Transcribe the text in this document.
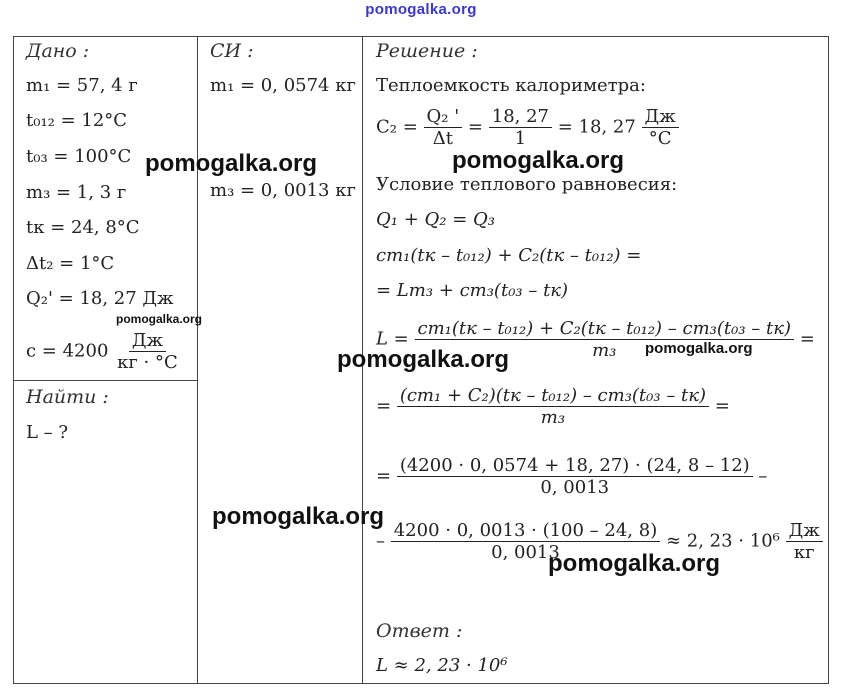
pomogalka.org
Дано :
m₁ = 57, 4 г
t₀₁₂ = 12°C
t₀₃ = 100°C
m₃ = 1, 3 г
tк = 24, 8°C
Δt₂ = 1°C
Q₂' = 18, 27 Дж
$c = 4200 \frac{Дж}{кг \cdot ^\circ C}$
Найти :
L – ?
СИ :
m₁ = 0, 0574 кг
m₃ = 0, 0013 кг
Решение :
Теплоемкость калориметра:
$C_2 = \frac{\text{Q₂ '}}{\Delta t} = \frac{18, 27}{1} = 18$, $27 \frac{Дж}{^\circ C}$
Условие теплового равновесия:
Q₁ + Q₂ = Q₃
cm₁(tк – t₀₁₂) + C₂(tк – t₀₁₂) =
= Lm₃ + cm₃(t₀₃ – tк)
$L = \frac{\text{cm₁(tк – t₀₁₂) + C₂(tк – t₀₁₂) – cm₃(t₀₃ – tк)}}{\text{m₃}}$ =
= $\frac{\text{(cm₁ + C₂)(tк – t₀₁₂) – cm₃(t₀₃ – tк)}}{\text{m₃}}$ =
= $\frac{(4200 \cdot 0, 0574 + 18, 27) \cdot (24, 8 - 12)}{0, 0013}$ –
– $\frac{4200 \cdot 0, 0013 \cdot (100 - 24, 8)}{0, 0013} \approx 2$, $23 \cdot 10^6 \frac{Дж}{кг}$
Ответ :
L ≈ 2, 23 · 10⁶
pomogalka.org	pomogalka.org
pomogalka.org
pomogalka.org	pomogalka.org
pomogalka.org
pomogalka.org
